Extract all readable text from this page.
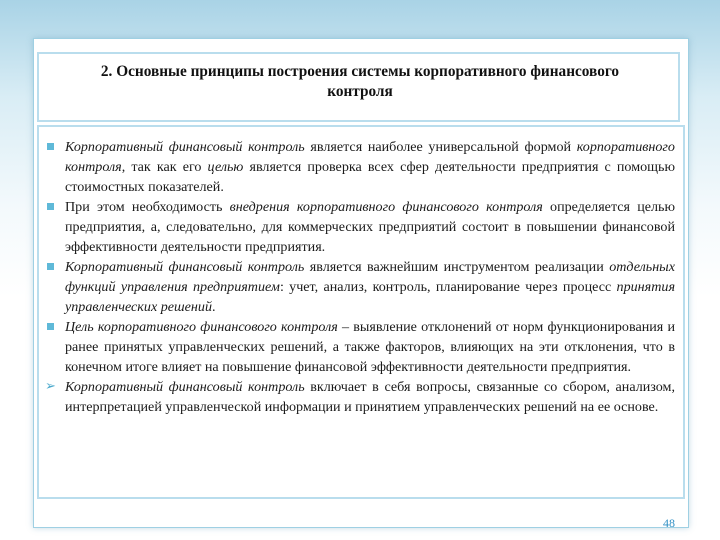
2. Основные принципы построения системы корпоративного финансового контроля
Корпоративный финансовый контроль является наиболее универсальной формой корпоративного контроля, так как его целью является проверка всех сфер деятельности предприятия с помощью стоимостных показателей.
При этом необходимость внедрения корпоративного финансового контроля определяется целью предприятия, а, следовательно, для коммерческих предприятий состоит в повышении финансовой эффективности деятельности предприятия.
Корпоративный финансовый контроль является важнейшим инструментом реализации отдельных функций управления предприятием: учет, анализ, контроль, планирование через процесс принятия управленческих решений.
Цель корпоративного финансового контроля – выявление отклонений от норм функционирования и ранее принятых управленческих решений, а также факторов, влияющих на эти отклонения, что в конечном итоге влияет на повышение финансовой эффективности деятельности предприятия.
➢ Корпоративный финансовый контроль включает в себя вопросы, связанные со сбором, анализом, интерпретацией управленческой информации и принятием управленческих решений на ее основе.
48
